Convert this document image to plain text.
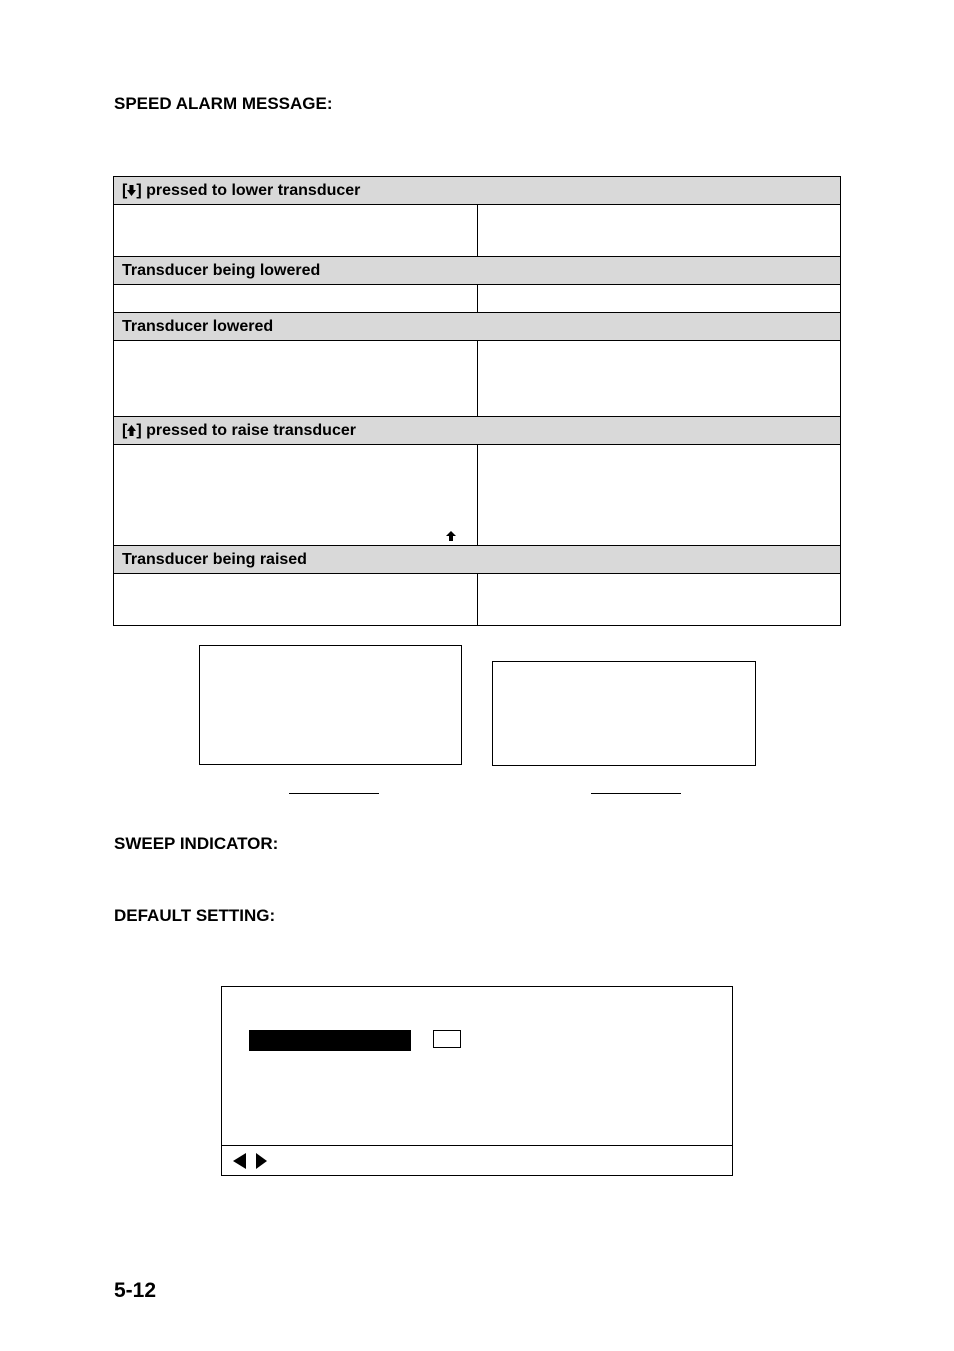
SPEED ALARM MESSAGE:
[ ] pressed to lower transducer	

Transducer being lowered	

Transducer lowered	

[ ] pressed to raise transducer	

Transducer being raised	

SWEEP INDICATOR:
DEFAULT SETTING:
5-12
